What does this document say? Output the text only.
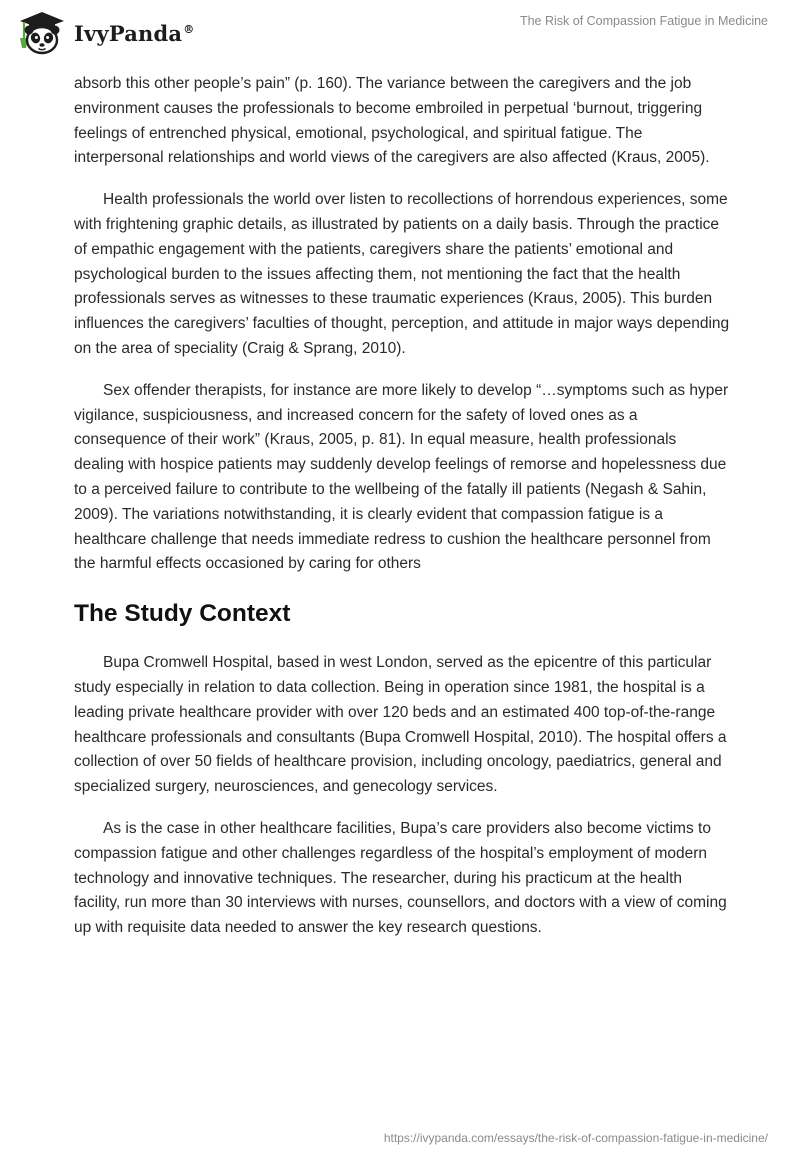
IvyPanda®
The Risk of Compassion Fatigue in Medicine

absorb this other people’s pain” (p. 160). The variance between the caregivers and the job environment causes the professionals to become embroiled in perpetual ‘burnout, triggering feelings of entrenched physical, emotional, psychological, and spiritual fatigue. The interpersonal relationships and world views of the caregivers are also affected (Kraus, 2005).

Health professionals the world over listen to recollections of horrendous experiences, some with frightening graphic details, as illustrated by patients on a daily basis. Through the practice of empathic engagement with the patients, caregivers share the patients’ emotional and psychological burden to the issues affecting them, not mentioning the fact that the health professionals serves as witnesses to these traumatic experiences (Kraus, 2005). This burden influences the caregivers’ faculties of thought, perception, and attitude in major ways depending on the area of speciality (Craig & Sprang, 2010).

Sex offender therapists, for instance are more likely to develop “…symptoms such as hyper vigilance, suspiciousness, and increased concern for the safety of loved ones as a consequence of their work” (Kraus, 2005, p. 81). In equal measure, health professionals dealing with hospice patients may suddenly develop feelings of remorse and hopelessness due to a perceived failure to contribute to the wellbeing of the fatally ill patients (Negash & Sahin, 2009). The variations notwithstanding, it is clearly evident that compassion fatigue is a healthcare challenge that needs immediate redress to cushion the healthcare personnel from the harmful effects occasioned by caring for others

The Study Context

Bupa Cromwell Hospital, based in west London, served as the epicentre of this particular study especially in relation to data collection. Being in operation since 1981, the hospital is a leading private healthcare provider with over 120 beds and an estimated 400 top-of-the-range healthcare professionals and consultants (Bupa Cromwell Hospital, 2010). The hospital offers a collection of over 50 fields of healthcare provision, including oncology, paediatrics, general and specialized surgery, neurosciences, and genecology services.

As is the case in other healthcare facilities, Bupa’s care providers also become victims to compassion fatigue and other challenges regardless of the hospital’s employment of modern technology and innovative techniques. The researcher, during his practicum at the health facility, run more than 30 interviews with nurses, counsellors, and doctors with a view of coming up with requisite data needed to answer the key research questions.

https://ivypanda.com/essays/the-risk-of-compassion-fatigue-in-medicine/
